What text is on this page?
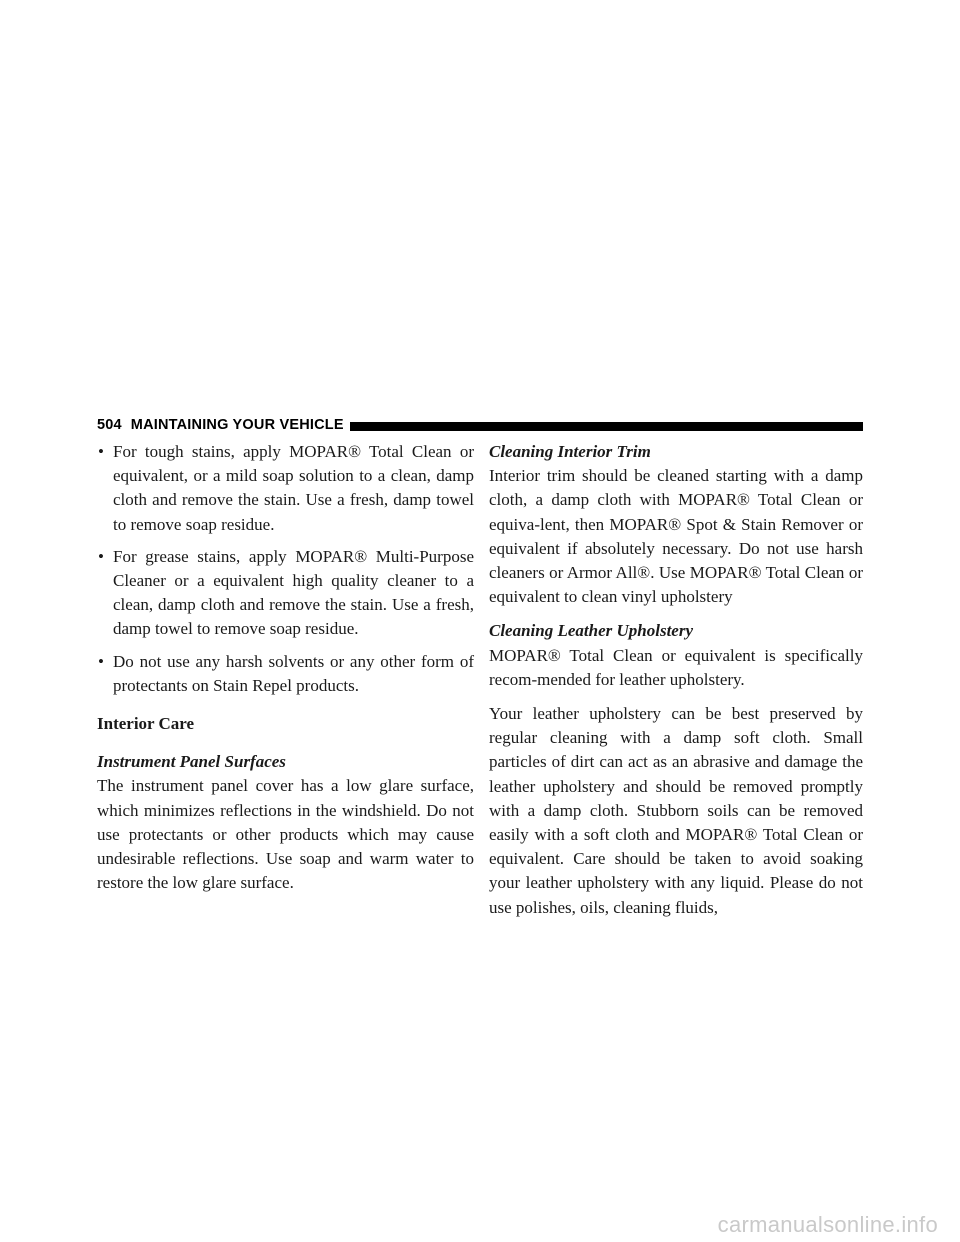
504 MAINTAINING YOUR VEHICLE
• For tough stains, apply MOPAR® Total Clean or equivalent, or a mild soap solution to a clean, damp cloth and remove the stain. Use a fresh, damp towel to remove soap residue.
• For grease stains, apply MOPAR® Multi-Purpose Cleaner or a equivalent high quality cleaner to a clean, damp cloth and remove the stain. Use a fresh, damp towel to remove soap residue.
• Do not use any harsh solvents or any other form of protectants on Stain Repel products.

Interior Care

Instrument Panel Surfaces

The instrument panel cover has a low glare surface, which minimizes reflections in the windshield. Do not use protectants or other products which may cause undesirable reflections. Use soap and warm water to restore the low glare surface.

Cleaning Interior Trim

Interior trim should be cleaned starting with a damp cloth, a damp cloth with MOPAR® Total Clean or equiva-lent, then MOPAR® Spot & Stain Remover or equivalent if absolutely necessary. Do not use harsh cleaners or Armor All®. Use MOPAR® Total Clean or equivalent to clean vinyl upholstery

Cleaning Leather Upholstery

MOPAR® Total Clean or equivalent is specifically recom-mended for leather upholstery.

Your leather upholstery can be best preserved by regular cleaning with a damp soft cloth. Small particles of dirt can act as an abrasive and damage the leather upholstery and should be removed promptly with a damp cloth. Stubborn soils can be removed easily with a soft cloth and MOPAR® Total Clean or equivalent. Care should be taken to avoid soaking your leather upholstery with any liquid. Please do not use polishes, oils, cleaning fluids,

carmanualsonline.info
